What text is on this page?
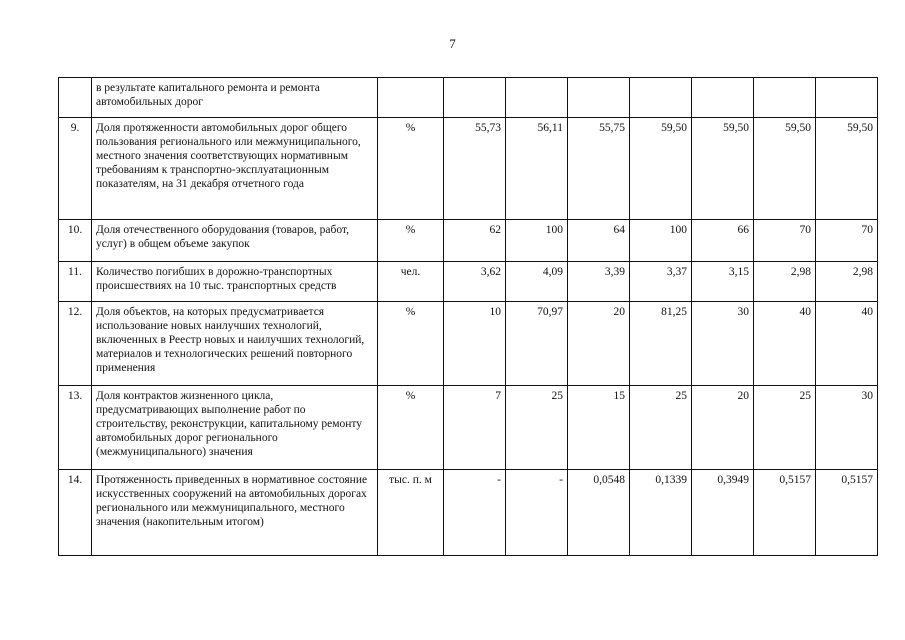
7
	в результате капитального ремонта и ремонта автомобильных дорог								
9.	Доля протяженности автомобильных дорог общего пользования регионального или межмуниципального, местного значения соответствующих нормативным требованиям к транспортно-эксплуатационным показателям, на 31 декабря отчетного года	%	55,73	56,11	55,75	59,50	59,50	59,50	59,50
10.	Доля отечественного оборудования (товаров, работ, услуг) в общем объеме закупок	%	62	100	64	100	66	70	70
11.	Количество погибших в дорожно-транспортных происшествиях на 10 тыс. транспортных средств	чел.	3,62	4,09	3,39	3,37	3,15	2,98	2,98
12.	Доля объектов, на которых предусматривается использование новых наилучших технологий, включенных в Реестр новых и наилучших технологий, материалов и технологических решений повторного применения	%	10	70,97	20	81,25	30	40	40
13.	Доля контрактов жизненного цикла, предусматривающих выполнение работ по строительству, реконструкции, капитальному ремонту автомобильных дорог регионального (межмуниципального) значения	%	7	25	15	25	20	25	30
14.	Протяженность приведенных в нормативное состояние искусственных сооружений на автомобильных дорогах регионального или межмуниципального, местного значения (накопительным итогом)	тыс. п. м	-	-	0,0548	0,1339	0,3949	0,5157	0,5157
